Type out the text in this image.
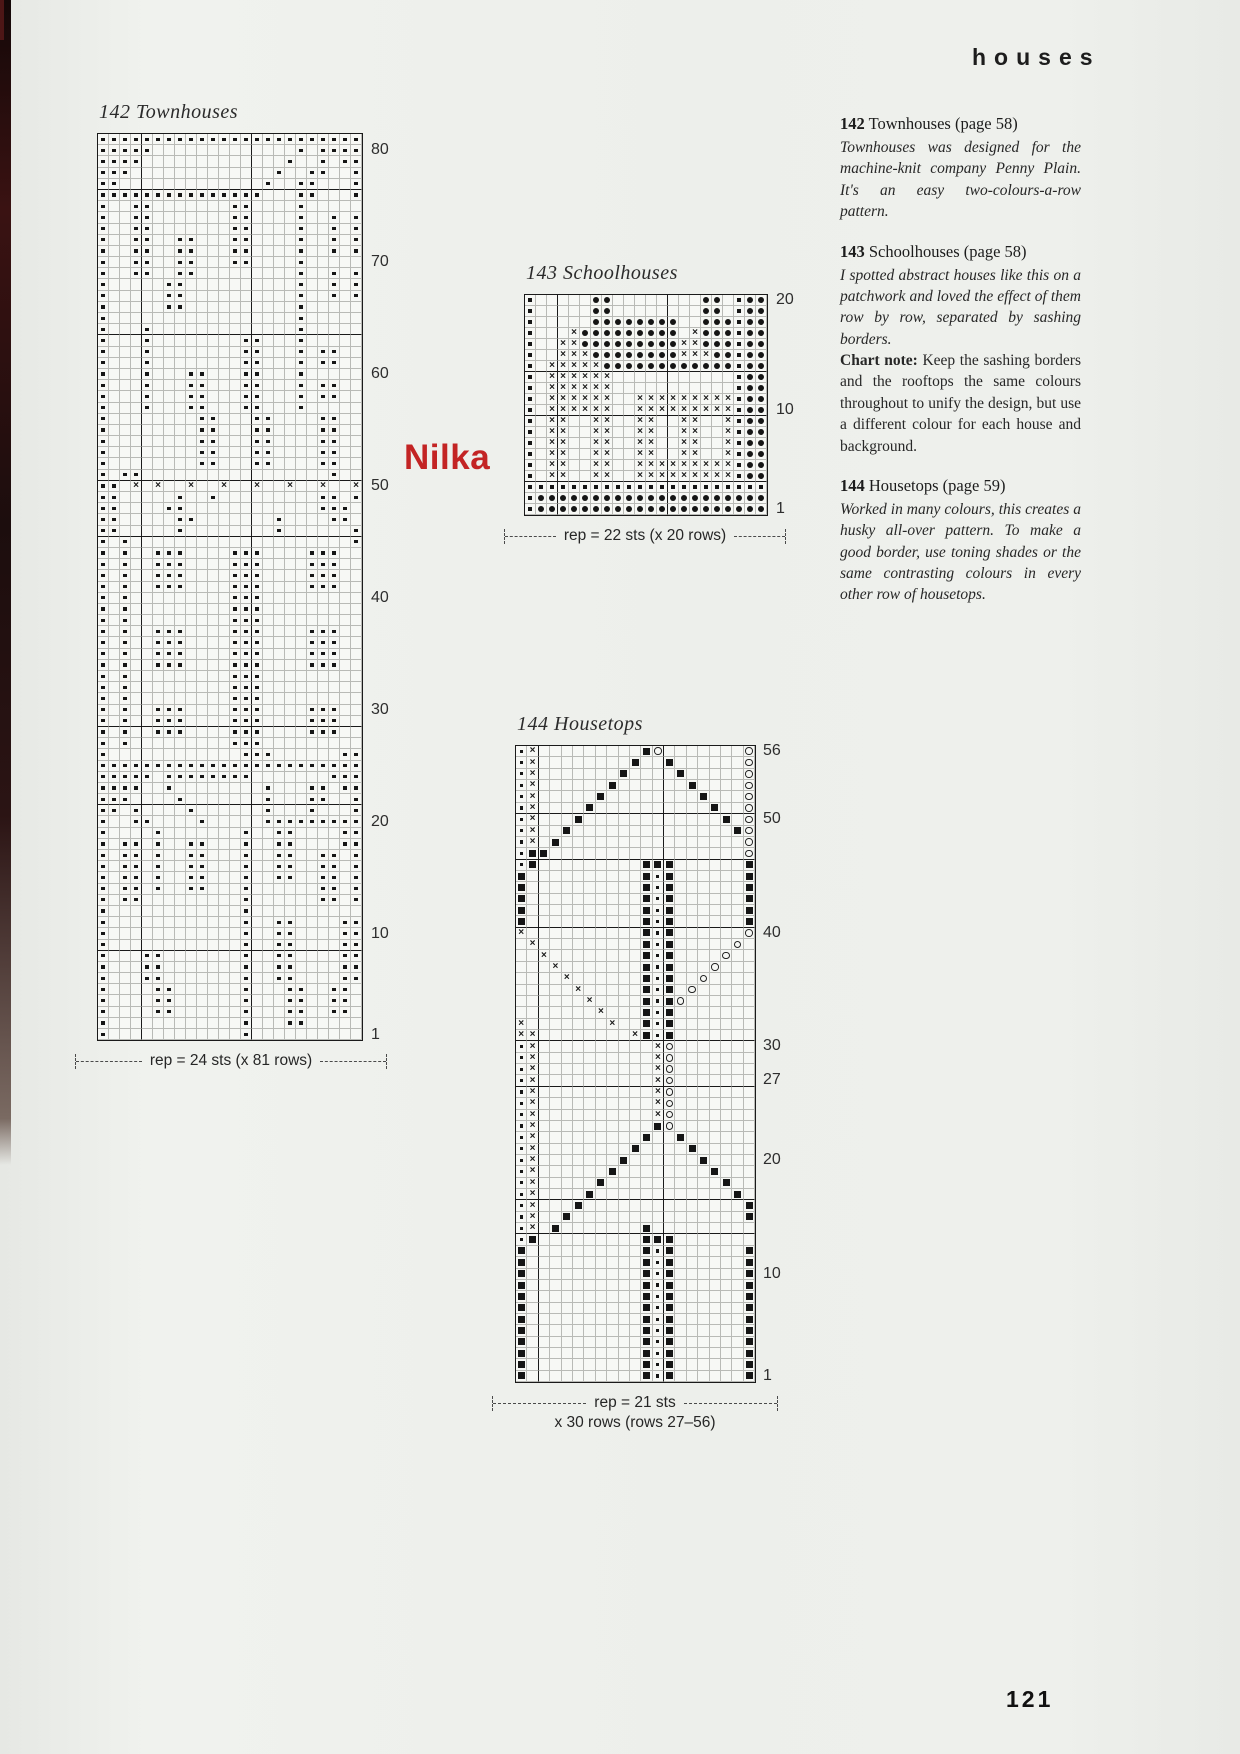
houses
142 Townhouses
×
×
×
×
×
×
×
×
80
70
60
50
40
30
20
10
1
rep = 24 sts (x 81 rows)
143 Schoolhouses
×
×
×
×
×
×
×
×
×
×
×
×
×
×
×
×
×
×
×
×
×
×
×
×
×
×
×
×
×
×
×
×
×
×
×
×
×
×
×
×
×
×
×
×
×
×
×
×
×
×
×
×
×
×
×
×
×
×
×
×
×
×
×
×
×
×
×
×
×
×
×
×
×
×
×
×
×
×
×
×
×
×
×
×
×
×
×
×
×
×
×
×
×
×
×
×
×
×
×
×
×
×
×
×
×
×
×
×
×
×
×
×
×
×
×
×
×
×
×
×
×
20
10
1
rep = 22 sts (x 20 rows)
144 Housetops
×
×
×
×
×
×
×
×
×
×
×
×
×
×
×
×
×
×
×
×
×
×
×
×
×
×
×
×
×
×
×
×
×
×
×
×
×
×
×
×
×
×
×
×
×
×
56
50
40
30
27
20
10
1
rep = 21 sts
x 30 rows (rows 27–56)
Nilka
142 Townhouses (page 58)

Townhouses was designed for the machine-knit company Penny Plain. It's an easy two-colours-a-row pattern.

143 Schoolhouses (page 58)

I spotted abstract houses like this on a patchwork and loved the effect of them row by row, separated by sashing borders.

Chart note: Keep the sashing borders and the rooftops the same colours throughout to unify the design, but use a different colour for each house and background.

144 Housetops (page 59)

Worked in many colours, this creates a husky all-over pattern. To make a good border, use toning shades or the same contrasting colours in every other row of housetops.

121
